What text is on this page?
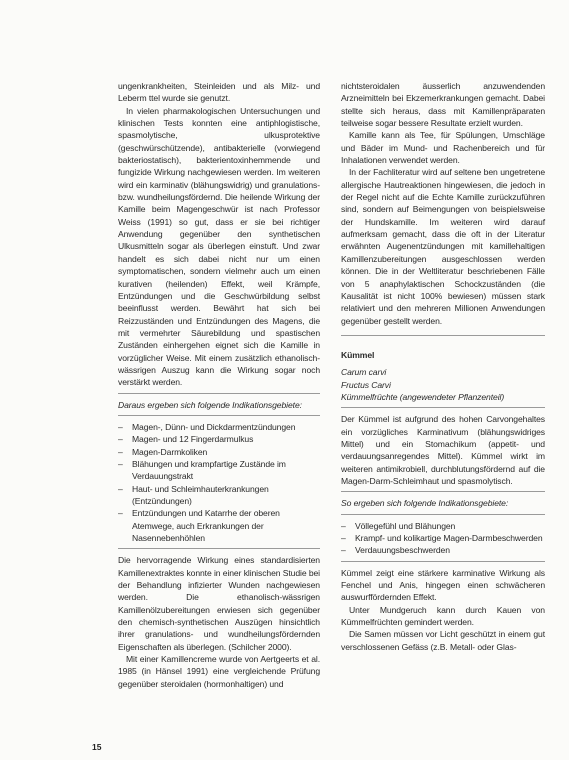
ungenkrankheiten, Steinleiden und als Milz- und Leberm ttel wurde sie genutzt.

In vielen pharmakologischen Untersuchungen und klinischen Tests konnten eine antiphlogistische, spasmolytische, ulkusprotektive (geschwürschützende), antibakterielle (vorwiegend bakteriostatisch), bakterientoxinhemmende und fungizide Wirkung nachgewiesen werden. Im weiteren wird ein karminativ (blähungswidrig) und granulations- bzw. wundheilungsfördernd. Die heilende Wirkung der Kamille beim Magengeschwür ist nach Professor Weiss (1991) so gut, dass er sie bei richtiger Anwendung gegenüber den synthetischen Ulkusmitteln sogar als überlegen einstuft. Und zwar handelt es sich dabei nicht nur um einen symptomatischen, sondern vielmehr auch um einen kurativen (heilenden) Effekt, weil Krämpfe, Entzündungen und die Geschwürbildung selbst beeinflusst werden. Bewährt hat sich bei Reizzuständen und Entzündungen des Magens, die mit vermehrter Säurebildung und spastischen Zuständen einhergehen eignet sich die Kamille in vorzüglicher Weise. Mit einem zusätzlich ethanolisch-wässrigen Auszug kann die Wirkung sogar noch verstärkt werden.

Daraus ergeben sich folgende Indikationsgebiete:

– Magen-, Dünn- und Dickdarmentzündungen
– Magen- und 12 Fingerdarmulkus
– Magen-Darmkoliken
– Blähungen und krampfartige Zustände im Verdauungstrakt
– Haut- und Schleimhauterkrankungen (Entzündungen)
– Entzündungen und Katarrhe der oberen Atemwege, auch Erkrankungen der Nasennebenhöhlen

Die hervorragende Wirkung eines standardisierten Kamillenextraktes konnte in einer klinischen Studie bei der Behandlung infizierter Wunden nachgewiesen werden. Die ethanolisch-wässrigen Kamillenölzubereitungen erwiesen sich gegenüber den chemisch-synthetischen Auszügen hinsichtlich ihrer granulations- und wundheilungsfördernden Eigenschaften als überlegen. (Schilcher 2000).

Mit einer Kamillencreme wurde von Aertgeerts et al. 1985 (in Hänsel 1991) eine vergleichende Prüfung gegenüber steroidalen (hormonhaltigen) und

nichtsteroidalen äusserlich anzuwendenden Arzneimitteln bei Ekzemerkrankungen gemacht. Dabei stellte sich heraus, dass mit Kamillenpräparaten teilweise sogar bessere Resultate erzielt wurden.

Kamille kann als Tee, für Spülungen, Umschläge und Bäder im Mund- und Rachenbereich und für Inhalationen verwendet werden.

In der Fachliteratur wird auf seltene ben ungetretene allergische Hautreaktionen hingewiesen, die jedoch in der Regel nicht auf die Echte Kamille zurückzuführen sind, sondern auf Beimengungen von beispielsweise der Hundskamille. Im weiteren wird darauf aufmerksam gemacht, dass die oft in der Literatur erwähnten Augenentzündungen mit kamillehaltigen Kamillenzubereitungen ausgeschlossen werden können. Die in der Weltliteratur beschriebenen Fälle von 5 anaphylaktischen Schockzuständen (die Kausalität ist nicht 100% bewiesen) müssen stark relativiert und den mehreren Millionen Anwendungen gegenüber gestellt werden.

Kümmel

Carum carvi

Fructus Carvi

Kümmelfrüchte (angewendeter Pflanzenteil)

Der Kümmel ist aufgrund des hohen Carvongehaltes ein vorzügliches Karminativum (blähungswidriges Mittel) und ein Stomachikum (appetit- und verdauungsanregendes Mittel). Kümmel wirkt im weiteren antimikrobiell, durchblutungsfördernd auf die Magen-Darm-Schleimhaut und spasmolytisch.

So ergeben sich folgende Indikationsgebiete:

– Völlegefühl und Blähungen
– Krampf- und kolikartige Magen-Darmbeschwerden
– Verdauungsbeschwerden

Kümmel zeigt eine stärkere karminative Wirkung als Fenchel und Anis, hingegen einen schwächeren auswurffördernden Effekt.

Unter Mundgeruch kann durch Kauen von Kümmelfrüchten gemindert werden.

Die Samen müssen vor Licht geschützt in einem gut verschlossenen Gefäss (z.B. Metall- oder Glas-

15
